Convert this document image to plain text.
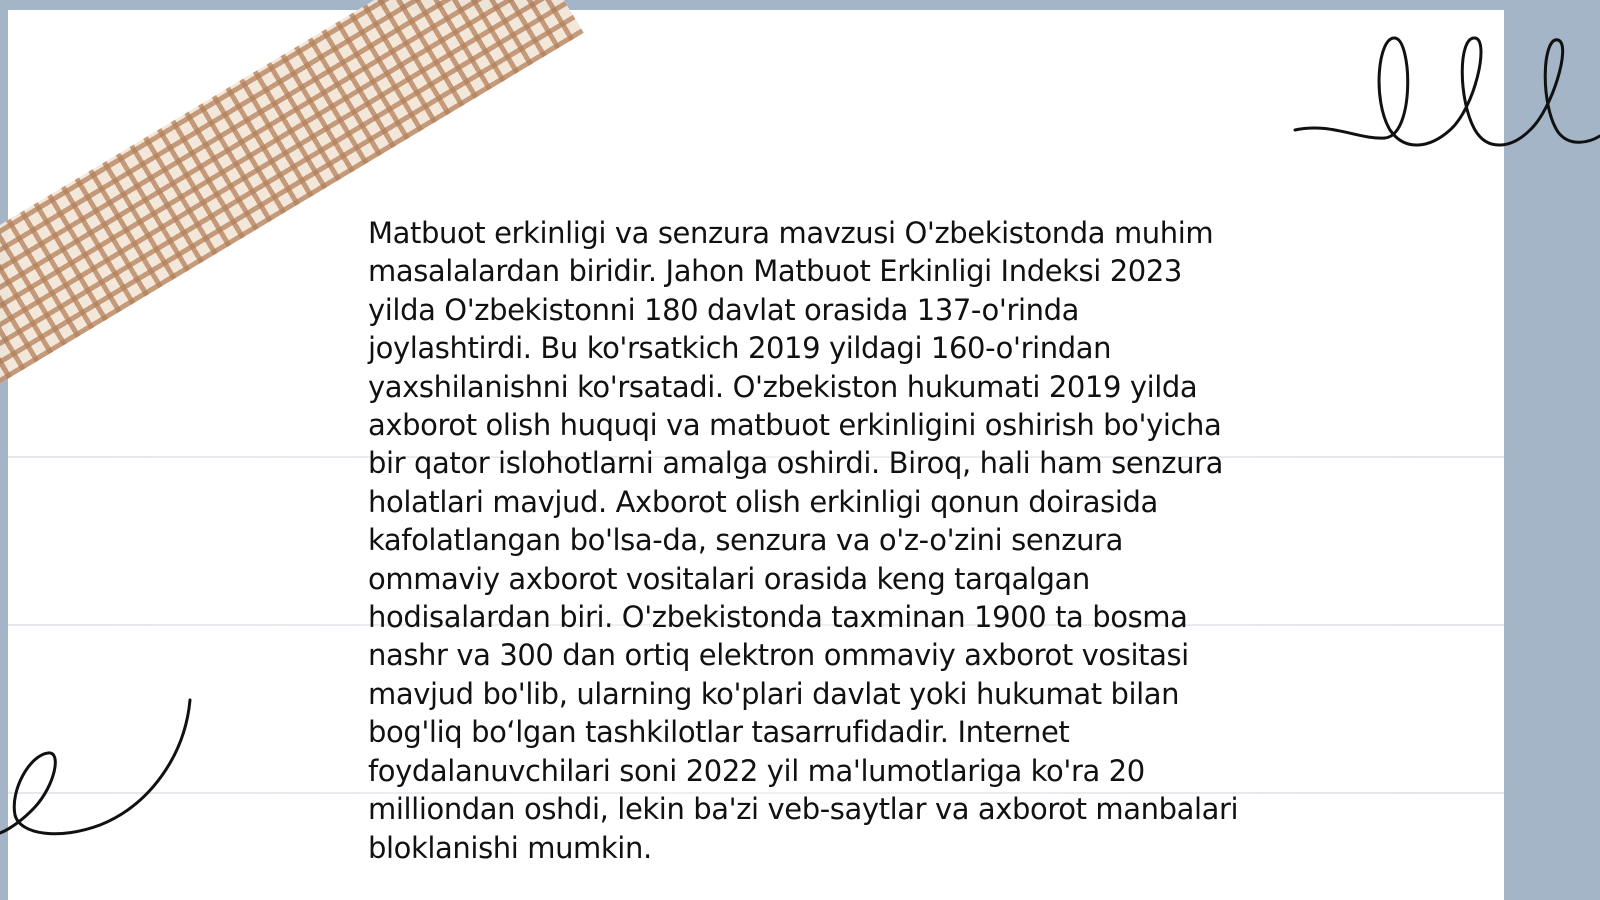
Matbuot erkinligi va senzura mavzusi O'zbekistonda muhim masalalardan biridir. Jahon Matbuot Erkinligi Indeksi 2023 yilda O'zbekistonni 180 davlat orasida 137-o'rinda joylashtirdi. Bu ko'rsatkich 2019 yildagi 160-o'rindan yaxshilanishni ko'rsatadi. O'zbekiston hukumati 2019 yilda axborot olish huquqi va matbuot erkinligini oshirish bo'yicha bir qator islohotlarni amalga oshirdi. Biroq, hali ham senzura holatlari mavjud. Axborot olish erkinligi qonun doirasida kafolatlangan bo'lsa-da, senzura va o'z-o'zini senzura ommaviy axborot vositalari orasida keng tarqalgan hodisalardan biri. O'zbekistonda taxminan 1900 ta bosma nashr va 300 dan ortiq elektron ommaviy axborot vositasi mavjud bo'lib, ularning ko'plari davlat yoki hukumat bilan bog'liq bo‘lgan tashkilotlar tasarrufidadir. Internet foydalanuvchilari soni 2022 yil ma'lumotlariga ko'ra 20 milliondan oshdi, lekin ba'zi veb-saytlar va axborot manbalari bloklanishi mumkin.
